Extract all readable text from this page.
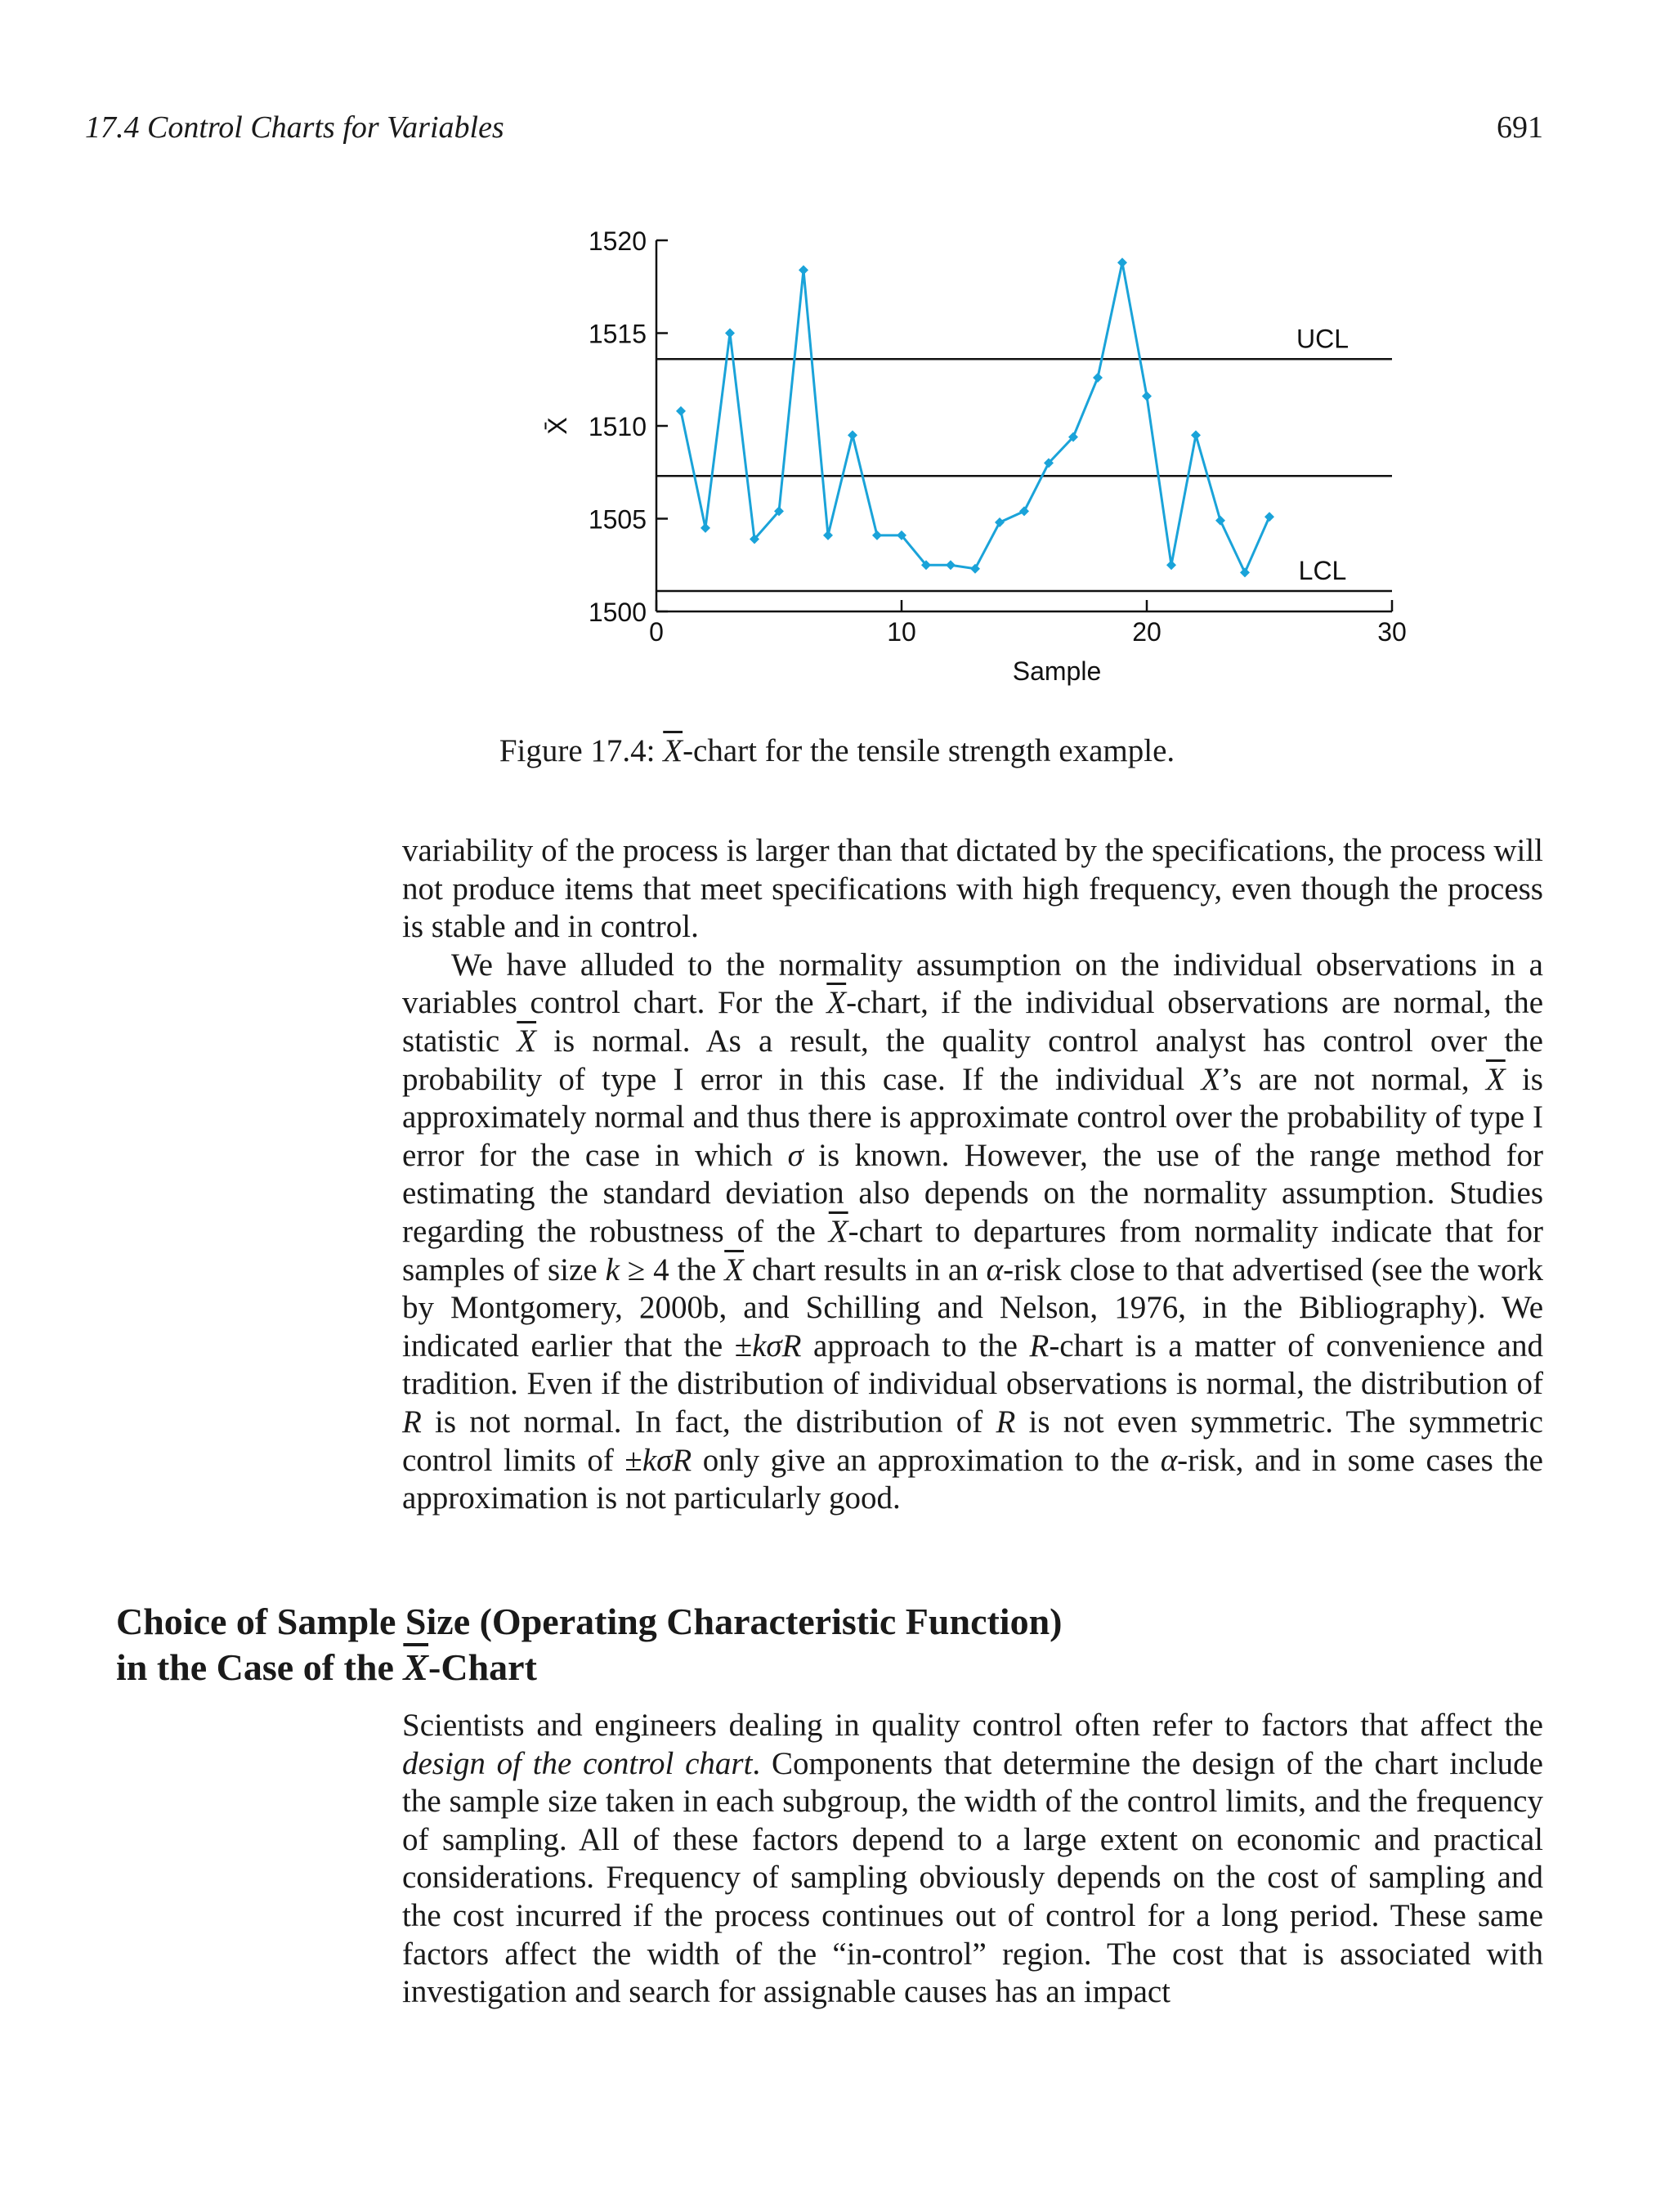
17.4 Control Charts for Variables	691
1500
1505
1510
1515
1520
0	10	20	30
Sample
X̄
UCL
LCL
Figure 17.4: $\overline{X}$-chart for the tensile strength example.

variability of the process is larger than that dictated by the specifications, the process will not produce items that meet specifications with high frequency, even though the process is stable and in control.

We have alluded to the normality assumption on the individual observations in a variables control chart. For the $\overline{X}$-chart, if the individual observations are normal, the statistic $\overline{X}$ is normal. As a result, the quality control analyst has control over the probability of type I error in this case. If the individual X’s are not normal, $\overline{X}$ is approximately normal and thus there is approximate control over the probability of type I error for the case in which σ is known. However, the use of the range method for estimating the standard deviation also depends on the normality assumption. Studies regarding the robustness of the $\overline{X}$-chart to departures from normality indicate that for samples of size k ≥ 4 the $\overline{X}$ chart results in an α-risk close to that advertised (see the work by Montgomery, 2000b, and Schilling and Nelson, 1976, in the Bibliography). We indicated earlier that the ±kσR approach to the R-chart is a matter of convenience and tradition. Even if the distribution of individual observations is normal, the distribution of R is not normal. In fact, the distribution of R is not even symmetric. The symmetric control limits of ±kσR only give an approximation to the α-risk, and in some cases the approximation is not particularly good.

Choice of Sample Size (Operating Characteristic Function)
in the Case of the $\overline{X}$-Chart

Scientists and engineers dealing in quality control often refer to factors that affect the design of the control chart. Components that determine the design of the chart include the sample size taken in each subgroup, the width of the control limits, and the frequency of sampling. All of these factors depend to a large extent on economic and practical considerations. Frequency of sampling obviously depends on the cost of sampling and the cost incurred if the process continues out of control for a long period. These same factors affect the width of the “in-control” region. The cost that is associated with investigation and search for assignable causes has an impact
